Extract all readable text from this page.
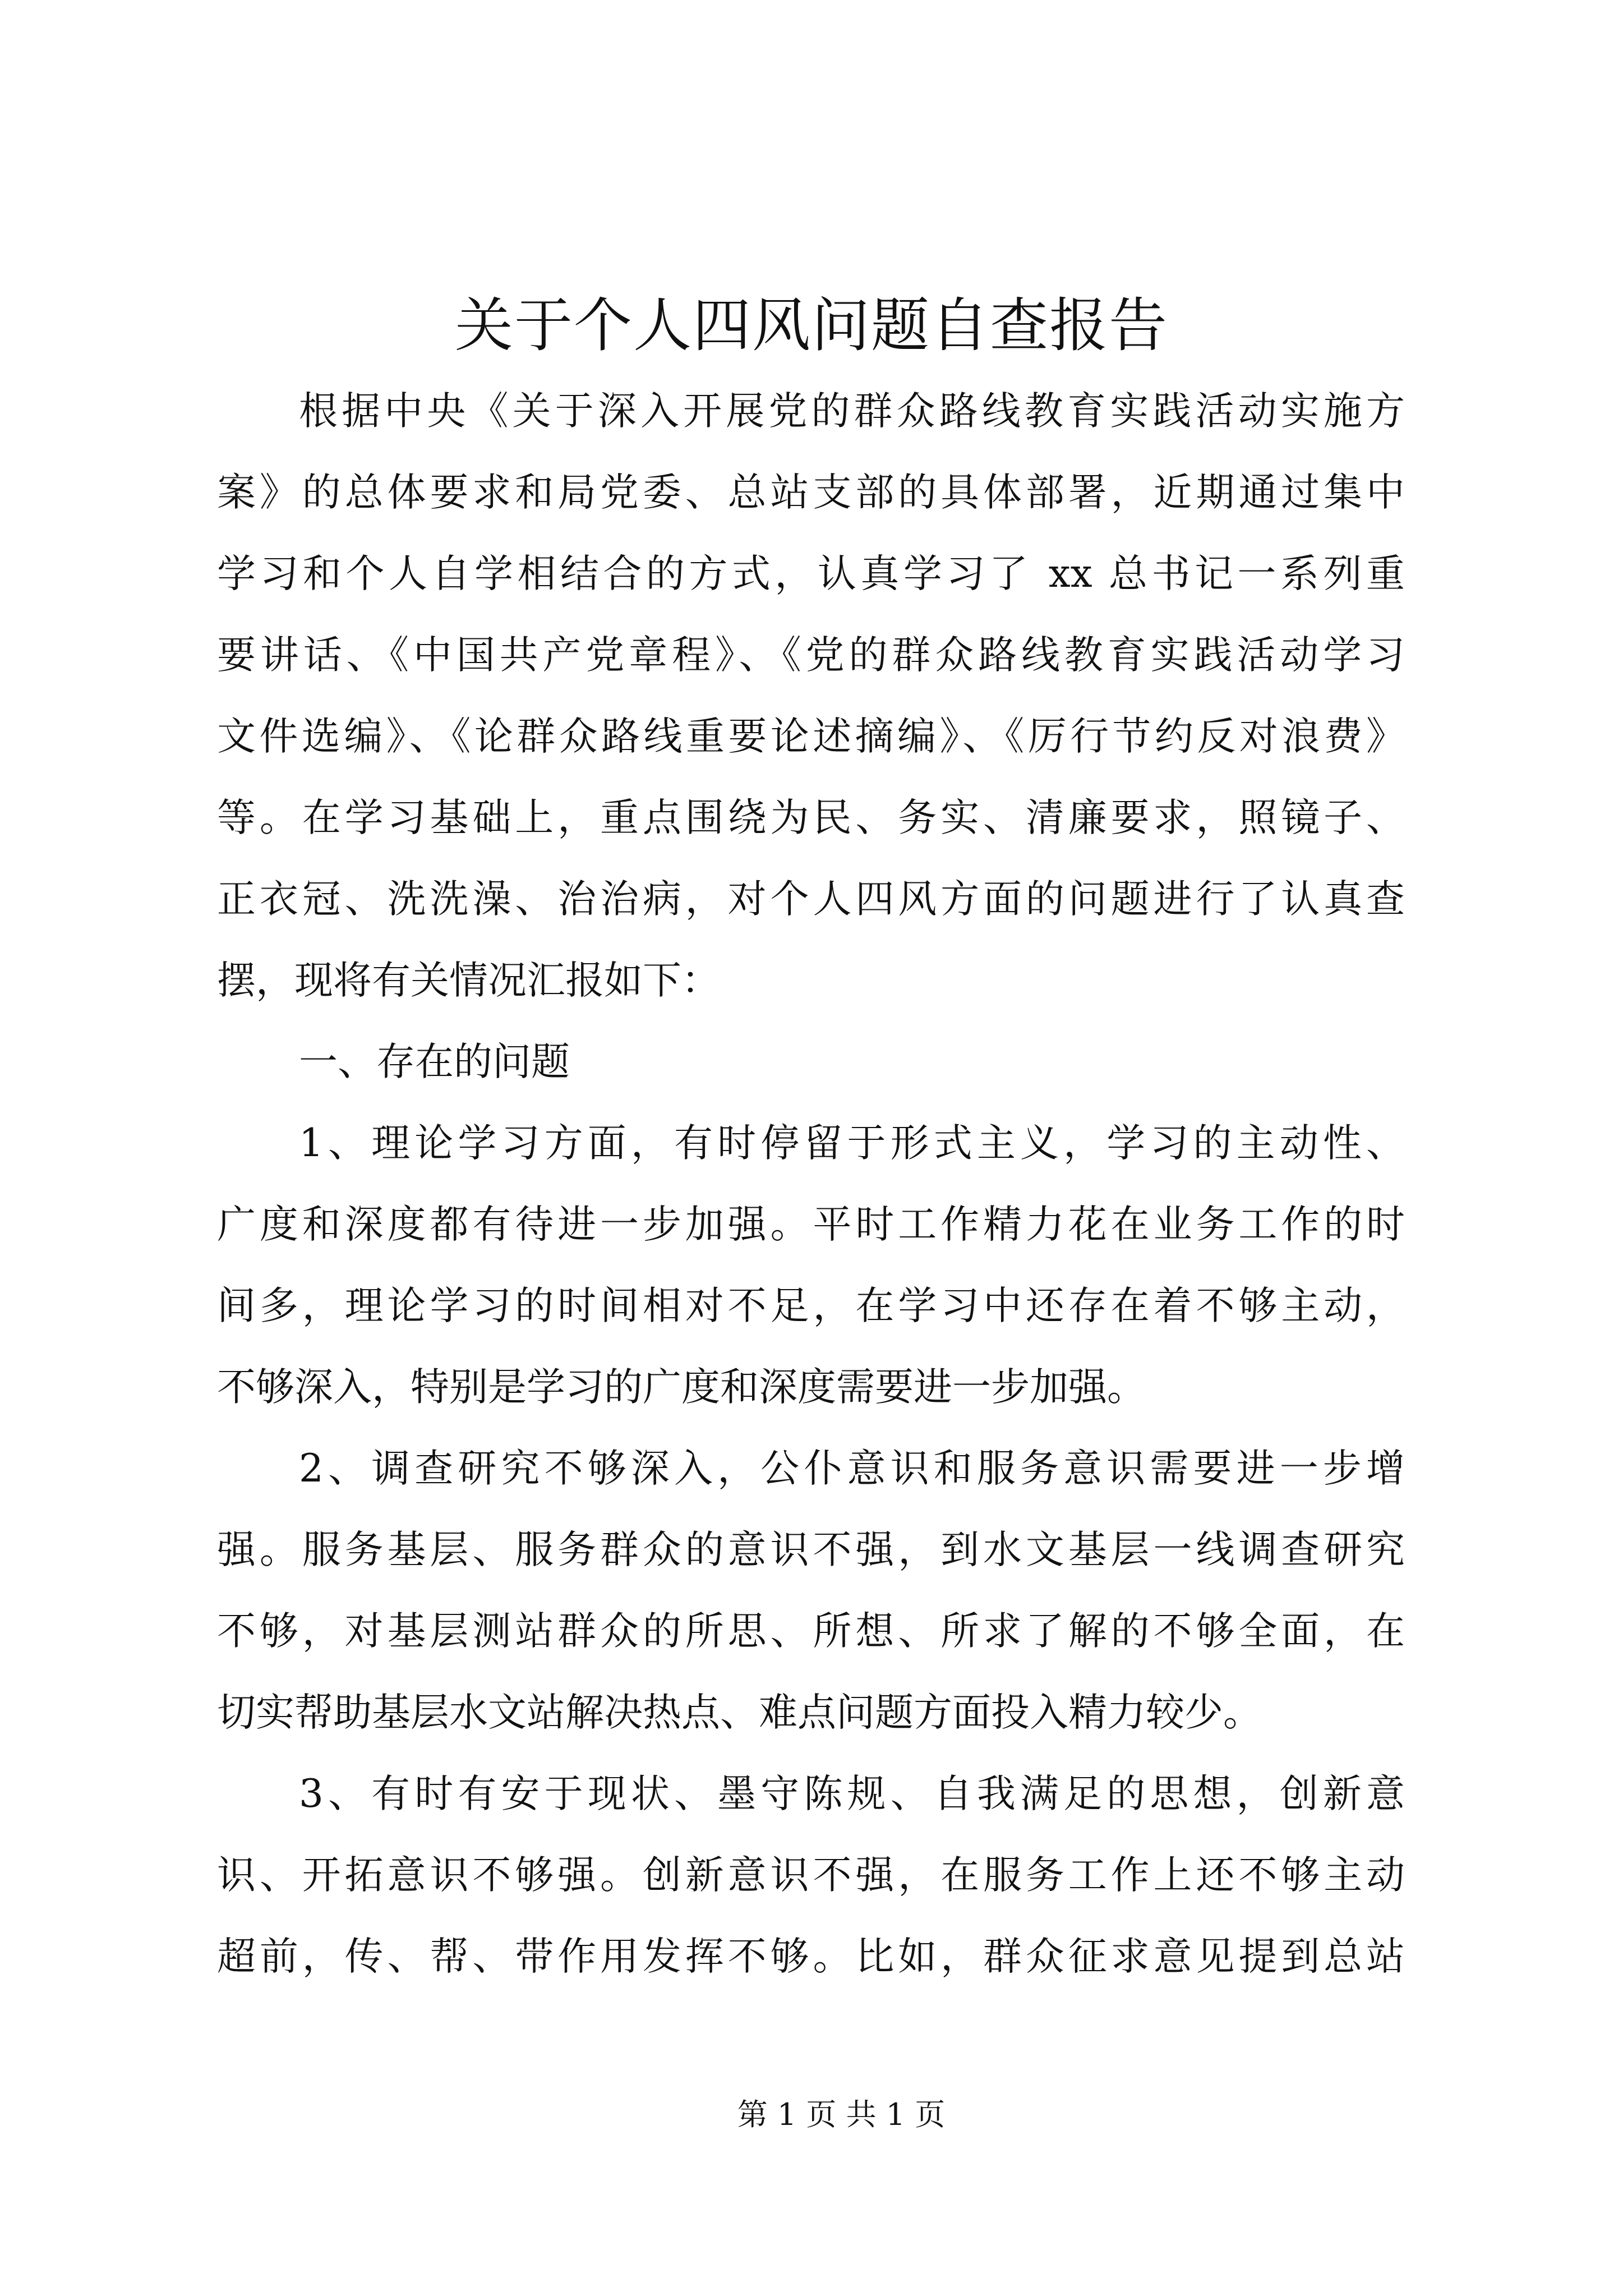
关于个人四风问题自查报告
根据中央《关于深入开展党的群众路线教育实践活动实施方
案》的总体要求和局党委、总站支部的具体部署，近期通过集中
学习和个人自学相结合的方式，认真学习了 xx 总书记一系列重
要讲话、《中国共产党章程》、《党的群众路线教育实践活动学习
文件选编》、《论群众路线重要论述摘编》、《厉行节约反对浪费》
等。在学习基础上，重点围绕为民、务实、清廉要求，照镜子、
正衣冠、洗洗澡、治治病，对个人四风方面的问题进行了认真查
摆，现将有关情况汇报如下：
一、存在的问题
1、理论学习方面，有时停留于形式主义，学习的主动性、
广度和深度都有待进一步加强。平时工作精力花在业务工作的时
间多，理论学习的时间相对不足，在学习中还存在着不够主动，
不够深入，特别是学习的广度和深度需要进一步加强。
2、调查研究不够深入，公仆意识和服务意识需要进一步增
强。服务基层、服务群众的意识不强，到水文基层一线调查研究
不够，对基层测站群众的所思、所想、所求了解的不够全面，在
切实帮助基层水文站解决热点、难点问题方面投入精力较少。
3、有时有安于现状、墨守陈规、自我满足的思想，创新意
识、开拓意识不够强。创新意识不强，在服务工作上还不够主动
超前，传、帮、带作用发挥不够。比如，群众征求意见提到总站
第 1 页 共 1 页
